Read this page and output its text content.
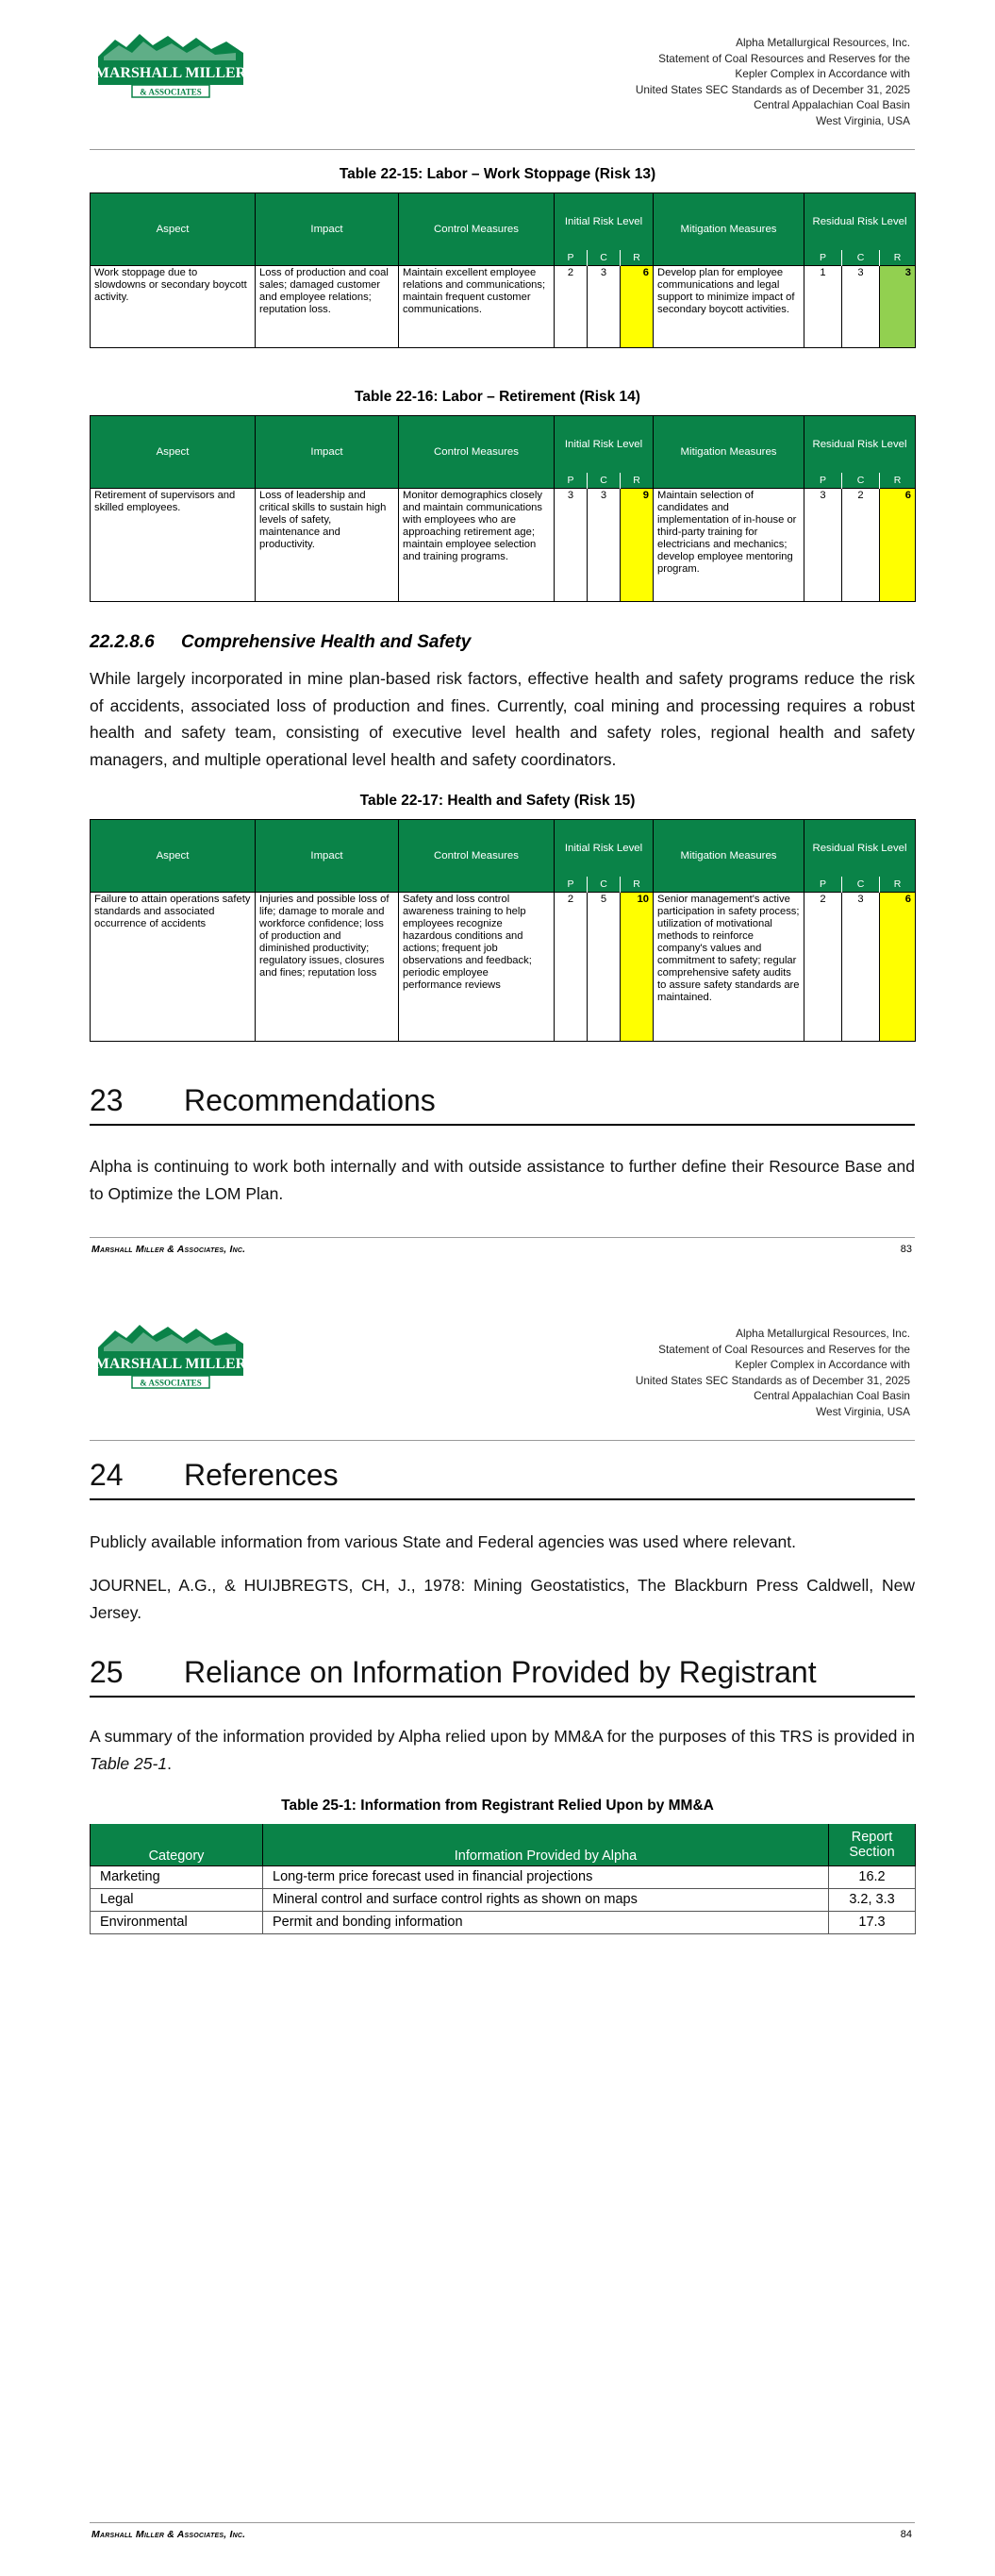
MARSHALL MILLER
& ASSOCIATES
Alpha Metallurgical Resources, Inc.
Statement of Coal Resources and Reserves for the
Kepler Complex in Accordance with
United States SEC Standards as of December 31, 2025
Central Appalachian Coal Basin
West Virginia, USA
Table 22-15: Labor – Work Stoppage (Risk 13)
Aspect	Impact	Control Measures	Initial Risk Level			Mitigation Measures	Residual Risk Level		
			P	C	R		P	C	R
Work stoppage due to slowdowns or secondary boycott activity.	Loss of production and coal sales; damaged customer and employee relations; reputation loss.	Maintain excellent employee relations and communications; maintain frequent customer communications.	2	3	6	Develop plan for employee communications and legal support to minimize impact of secondary boycott activities.	1	3	3
Table 22-16: Labor – Retirement (Risk 14)
Aspect	Impact	Control Measures	Initial Risk Level			Mitigation Measures	Residual Risk Level		
			P	C	R		P	C	R
Retirement of supervisors and skilled employees.	Loss of leadership and critical skills to sustain high levels of safety, maintenance and productivity.	Monitor demographics closely and maintain communications with employees who are approaching retirement age; maintain employee selection and training programs.	3	3	9	Maintain selection of candidates and implementation of in-house or third-party training for electricians and mechanics; develop employee mentoring program.	3	2	6
22.2.8.6 Comprehensive Health and Safety
While largely incorporated in mine plan-based risk factors, effective health and safety programs reduce the risk of accidents, associated loss of production and fines. Currently, coal mining and processing requires a robust health and safety team, consisting of executive level health and safety roles, regional health and safety managers, and multiple operational level health and safety coordinators.
Table 22-17: Health and Safety (Risk 15)
Aspect	Impact	Control Measures	Initial Risk Level			Mitigation Measures	Residual Risk Level		
			P	C	R		P	C	R
Failure to attain operations safety standards and associated occurrence of accidents	Injuries and possible loss of life; damage to morale and workforce confidence; loss of production and diminished productivity; regulatory issues, closures and fines; reputation loss	Safety and loss control awareness training to help employees recognize hazardous conditions and actions; frequent job observations and feedback; periodic employee performance reviews	2	5	10	Senior management's active participation in safety process; utilization of motivational methods to reinforce company's values and commitment to safety; regular comprehensive safety audits to assure safety standards are maintained.	2	3	6
23 Recommendations
Alpha is continuing to work both internally and with outside assistance to further define their Resource Base and to Optimize the LOM Plan.
Marshall Miller & Associates, Inc.	83
MARSHALL MILLER
& ASSOCIATES
Alpha Metallurgical Resources, Inc.
Statement of Coal Resources and Reserves for the
Kepler Complex in Accordance with
United States SEC Standards as of December 31, 2025
Central Appalachian Coal Basin
West Virginia, USA
24 References
Publicly available information from various State and Federal agencies was used where relevant.
JOURNEL, A.G., & HUIJBREGTS, CH, J., 1978: Mining Geostatistics, The Blackburn Press Caldwell, New Jersey.
25 Reliance on Information Provided by Registrant
A summary of the information provided by Alpha relied upon by MM&A for the purposes of this TRS is provided in Table 25-1.
Table 25-1: Information from Registrant Relied Upon by MM&A
Category	Information Provided by Alpha	Report Section
Marketing	Long-term price forecast used in financial projections	16.2
Legal	Mineral control and surface control rights as shown on maps	3.2, 3.3
Environmental	Permit and bonding information	17.3
Marshall Miller & Associates, Inc.	84
